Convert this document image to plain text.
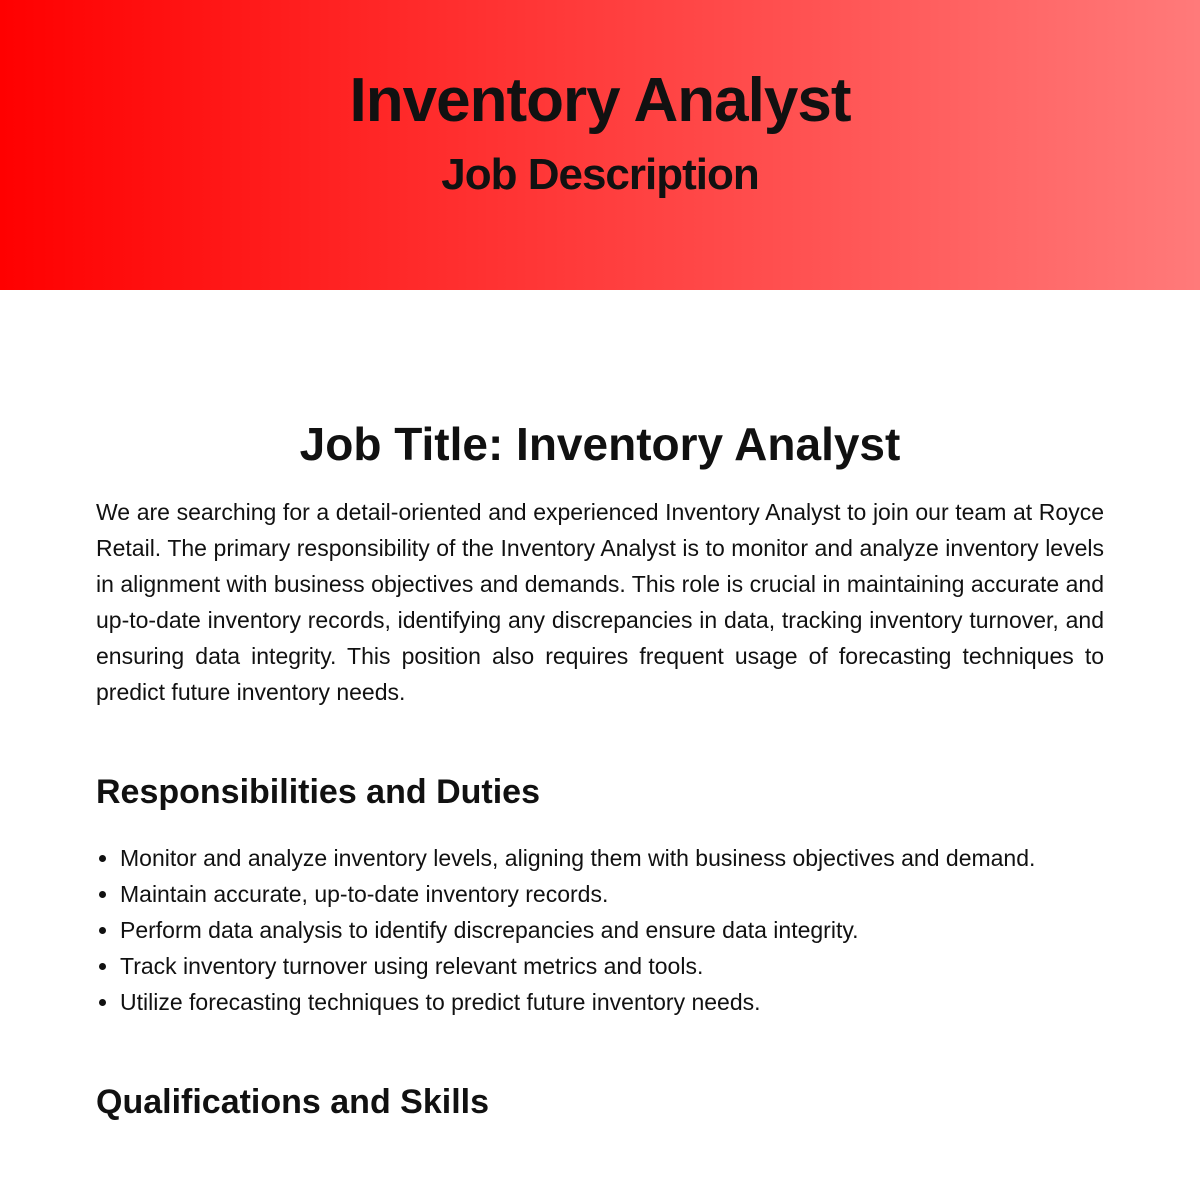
Inventory Analyst
Job Description
Job Title: Inventory Analyst

We are searching for a detail-oriented and experienced Inventory Analyst to join our team at Royce Retail. The primary responsibility of the Inventory Analyst is to monitor and analyze inventory levels in alignment with business objectives and demands. This role is crucial in maintaining accurate and up-to-date inventory records, identifying any discrepancies in data, tracking inventory turnover, and ensuring data integrity. This position also requires frequent usage of forecasting techniques to predict future inventory needs.

Responsibilities and Duties
• Monitor and analyze inventory levels, aligning them with business objectives and demand.
• Maintain accurate, up-to-date inventory records.
• Perform data analysis to identify discrepancies and ensure data integrity.
• Track inventory turnover using relevant metrics and tools.
• Utilize forecasting techniques to predict future inventory needs.
Qualifications and Skills
